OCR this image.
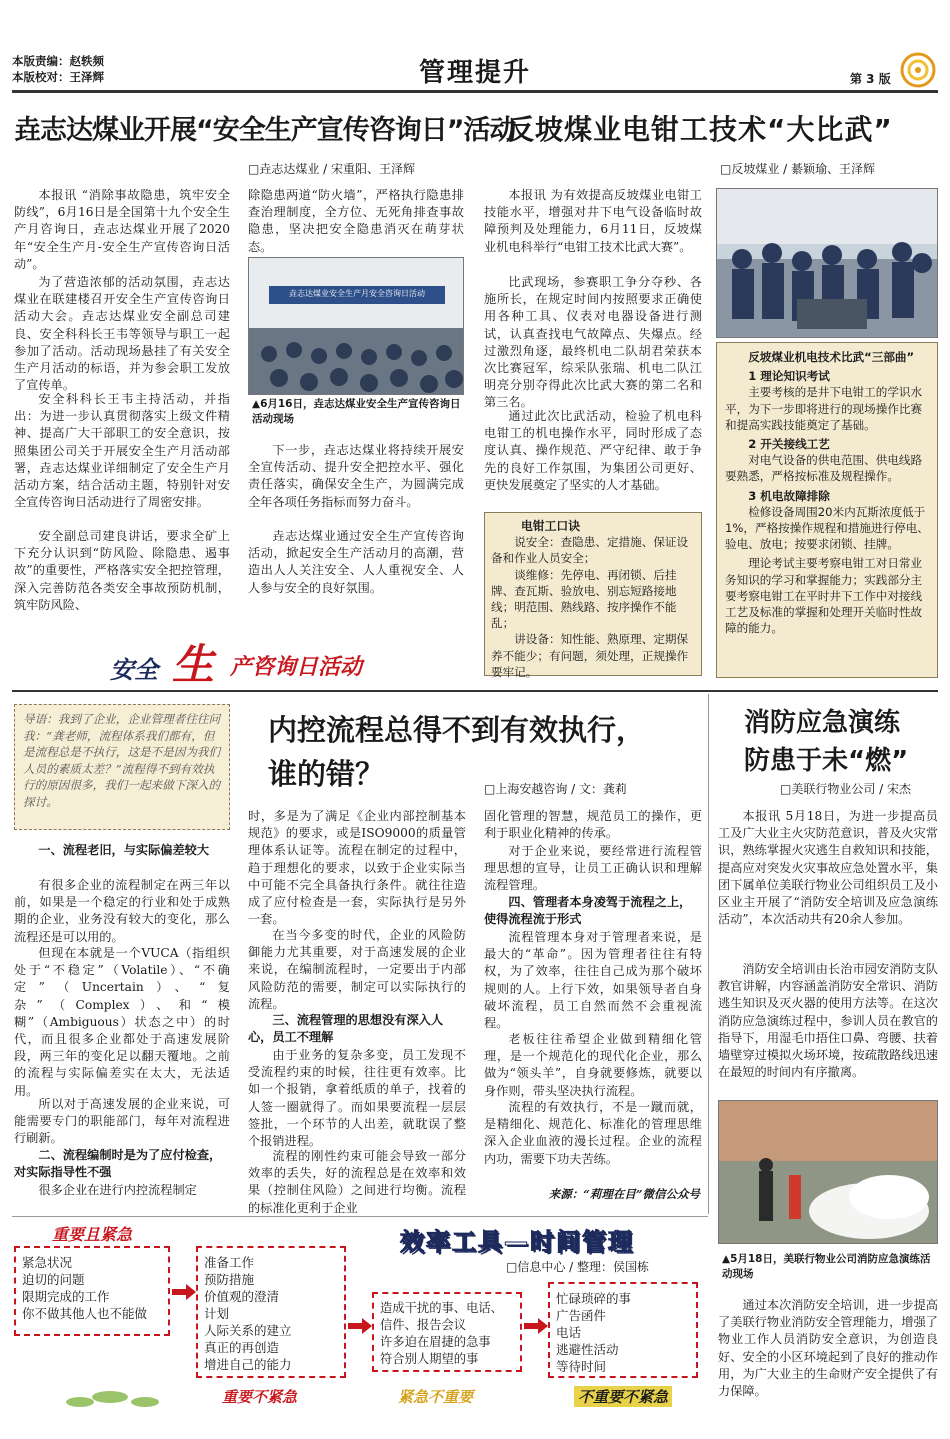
本版责编：赵轶频
本版校对：王泽辉	管理提升	第 3 版
垚志达煤业开展“安全生产宣传咨询日”活动
□垚志达煤业 / 宋重阳、王泽辉
本报讯 “消除事故隐患，筑牢安全防线”，6月16日是全国第十九个安全生产月咨询日，垚志达煤业开展了2020年“安全生产月-安全生产宣传咨询日活动”。
为了营造浓郁的活动氛围，垚志达煤业在联建楼召开安全生产宣传咨询日活动大会。垚志达煤业安全副总司建良、安全科科长王韦等领导与职工一起参加了活动。活动现场悬挂了有关安全生产月活动的标语，并为参会职工发放了宣传单。
安全科科长王韦主持活动，并指出：为进一步认真贯彻落实上级文件精神、提高广大干部职工的安全意识，按照集团公司关于开展安全生产月活动部署，垚志达煤业详细制定了安全生产月活动方案，结合活动主题，特别针对安全宣传咨询日活动进行了周密安排。
安全副总司建良讲话，要求全矿上下充分认识到“防风险、除隐患、遏事故”的重要性，严格落实安全把控管理，深入完善防范各类安全事故预防机制，筑牢防风险、
除隐患两道“防火墙”，严格执行隐患排查治理制度，全方位、无死角排查事故隐患，坚决把安全隐患消灭在萌芽状态。
垚志达煤业安全生产月安全咨询日活动
▲6月16日，垚志达煤业安全生产宣传咨询日活动现场
下一步，垚志达煤业将持续开展安全宣传活动、提升安全把控水平、强化责任落实，确保安全生产，为圆满完成全年各项任务指标而努力奋斗。
垚志达煤业通过安全生产宣传咨询活动，掀起安全生产活动月的高潮，营造出人人关注安全、人人重视安全、人人参与安全的良好氛围。
安全 生 产咨询日活动
反坡煤业电钳工技术“大比武”
□反坡煤业 / 綦颖瑜、王泽辉
本报讯 为有效提高反坡煤业电钳工技能水平，增强对井下电气设备临时故障预判及处理能力，6月11日，反坡煤业机电科举行“电钳工技术比武大赛”。
比武现场，参赛职工争分夺秒、各施所长，在规定时间内按照要求正确使用各种工具、仪表对电器设备进行测试，认真查找电气故障点、失爆点。经过激烈角逐，最终机电二队胡君荣获本次比赛冠军，综采队张瑞、机电二队江明亮分别夺得此次比武大赛的第二名和第三名。
通过此次比武活动，检验了机电科电钳工的机电操作水平，同时形成了态度认真、操作规范、严守纪律、敢于争先的良好工作氛围，为集团公司更好、更快发展奠定了坚实的人才基础。
电钳工口诀
说安全：查隐患、定措施、保证设备和作业人员安全；
谈维修：先停电、再闭锁、后挂牌、查瓦斯、验放电、别忘短路接地线；明范围、熟线路、按序操作不能乱；
讲设备：知性能、熟原理、定期保养不能少；有问题，须处理，正规操作要牢记。
反坡煤业机电技术比武“三部曲”
1 理论知识考试
主要考核的是井下电钳工的学识水平，为下一步即将进行的现场操作比赛和提高实践技能奠定了基础。
2 开关接线工艺
对电气设备的供电范围、供电线路要熟悉，严格按标准及规程操作。
3 机电故障排除
检修设备周围20米内瓦斯浓度低于1%，严格按操作规程和措施进行停电、验电、放电；按要求闭锁、挂牌。
理论考试主要考察电钳工对日常业务知识的学习和掌握能力；实践部分主要考察电钳工在平时井下工作中对接线工艺及标准的掌握和处理开关临时性故障的能力。
导语：我到了企业，企业管理者往往问我：“龚老师，流程体系我们都有，但是流程总是不执行，这是不是因为我们人员的素质太差？”流程得不到有效执行的原因很多，我们一起来做下深入的探讨。
内控流程总得不到有效执行，
谁的错？	□上海安越咨询 / 文：龚莉
一、流程老旧，与实际偏差较大
有很多企业的流程制定在两三年以前，如果是一个稳定的行业和处于成熟期的企业，业务没有较大的变化，那么流程还是可以用的。
但现在本就是一个VUCA（指组织处于“不稳定”（Volatile）、“不确定”（Uncertain）、“复杂”（Complex）、和“模糊”（Ambiguous）状态之中）的时代，而且很多企业都处于高速发展阶段，两三年的变化足以翻天覆地。之前的流程与实际偏差实在太大，无法适用。
所以对于高速发展的企业来说，可能需要专门的职能部门，每年对流程进行刷新。
二、流程编制时是为了应付检查，对实际指导性不强
很多企业在进行内控流程制定
时，多是为了满足《企业内部控制基本规范》的要求，或是ISO9000的质量管理体系认证等。流程在制定的过程中，趋于理想化的要求，以致于企业实际当中可能不完全具备执行条件。就往往造成了应付检查是一套，实际执行是另外一套。
在当今多变的时代，企业的风险防御能力尤其重要，对于高速发展的企业来说，在编制流程时，一定要出于内部风险防范的需要，制定可以实际执行的流程。
三、流程管理的思想没有深入人心，员工不理解
由于业务的复杂多变，员工发现不受流程约束的时候，往往更有效率。比如一个报销，拿着纸质的单子，找着的人签一圈就得了。而如果要流程一层层签批，一个环节的人出差，就耽误了整个报销进程。
流程的刚性约束可能会导致一部分效率的丢失，好的流程总是在效率和效果（控制住风险）之间进行均衡。流程的标准化更利于企业
固化管理的智慧，规范员工的操作，更利于职业化精神的传承。
对于企业来说，要经常进行流程管理思想的宣导，让员工正确认识和理解流程管理。
四、管理者本身凌驾于流程之上，使得流程流于形式
流程管理本身对于管理者来说，是最大的“革命”。因为管理者往往有特权，为了效率，往往自己成为那个破坏规则的人。上行下效，如果领导者自身破坏流程，员工自然而然不会重视流程。
老板往往希望企业做到精细化管理，是一个规范化的现代化企业，那么做为“领头羊”，自身就要修炼，就要以身作则，带头坚决执行流程。
流程的有效执行，不是一蹴而就，是精细化、规范化、标准化的管理思维深入企业血液的漫长过程。企业的流程内功，需要下功夫苦练。
来源：“莉理在目”微信公众号
消防应急演练
防患于未“燃”
□美联行物业公司 / 宋杰
本报讯 5月18日，为进一步提高员工及广大业主火灾防范意识，普及火灾常识，熟练掌握火灾逃生自救知识和技能，提高应对突发火灾事故应急处置水平，集团下属单位美联行物业公司组织员工及小区业主开展了“消防安全培训及应急演练活动”，本次活动共有20余人参加。
消防安全培训由长治市园安消防支队教官讲解，内容涵盖消防安全常识、消防逃生知识及灭火器的使用方法等。在这次消防应急演练过程中，参训人员在教官的指导下，用湿毛巾捂住口鼻、弯腰、扶着墙壁穿过模拟火场环境，按疏散路线迅速在最短的时间内有序撤离。
▲5月18日，美联行物业公司消防应急演练活动现场
通过本次消防安全培训，进一步提高了美联行物业消防安全管理能力，增强了物业工作人员消防安全意识，为创造良好、安全的小区环境起到了良好的推动作用，为广大业主的生命财产安全提供了有力保障。
效率工具—时间管理
□信息中心 / 整理：侯国栋
重要且紧急
紧急状况
迫切的问题
限期完成的工作
你不做其他人也不能做
准备工作
预防措施
价值观的澄清
计划
人际关系的建立
真正的再创造
增进自己的能力
造成干扰的事、电话、
信件、报告会议
许多迫在眉捷的急事
符合别人期望的事
忙碌琐碎的事
广告函件
电话
逃避性活动
等待时间
重要不紧急	紧急不重要	不重要不紧急
